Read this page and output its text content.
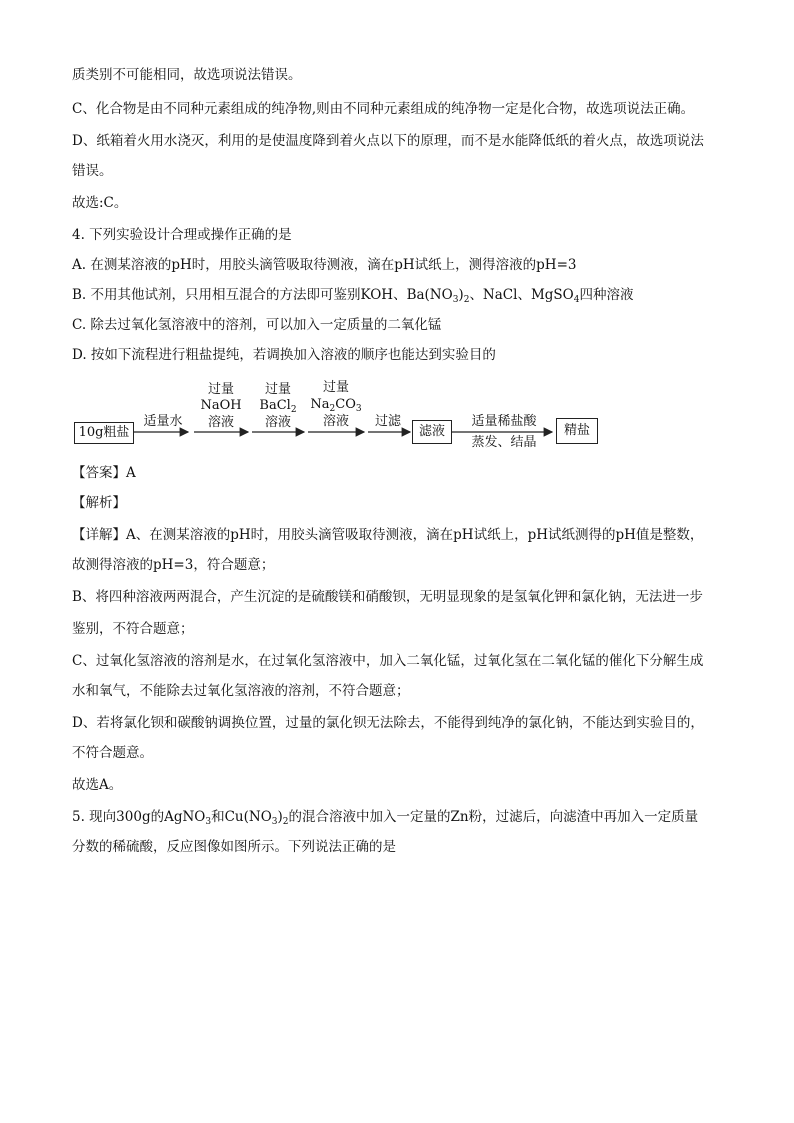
质类别不可能相同，故选项说法错误。
C、化合物是由不同种元素组成的纯净物,则由不同种元素组成的纯净物一定是化合物，故选项说法正确。
D、纸箱着火用水浇灭，利用的是使温度降到着火点以下的原理，而不是水能降低纸的着火点，故选项说法
错误。
故选:C。
4. 下列实验设计合理或操作正确的是
A. 在测某溶液的pH时，用胶头滴管吸取待测液，滴在pH试纸上，测得溶液的pH=3
B. 不用其他试剂，只用相互混合的方法即可鉴别KOH、$Ba(NO_3)_2$、NaCl、MgSO$_4$四种溶液
C. 除去过氧化氢溶液中的溶剂，可以加入一定质量的二氧化锰
D. 按如下流程进行粗盐提纯，若调换加入溶液的顺序也能达到实验目的
10g粗盐
适量水
过量
NaOH
溶液
过量
BaCl$_2$
溶液
过量
$Na_2CO_3$
溶液	过滤
滤液
适量稀盐酸
蒸发、结晶
精盐
【答案】A
【解析】
【详解】A、在测某溶液的pH时，用胶头滴管吸取待测液，滴在pH试纸上，pH试纸测得的pH值是整数，
故测得溶液的pH=3，符合题意；
B、将四种溶液两两混合，产生沉淀的是硫酸镁和硝酸钡，无明显现象的是氢氧化钾和氯化钠，无法进一步
鉴别，不符合题意；
C、过氧化氢溶液的溶剂是水，在过氧化氢溶液中，加入二氧化锰，过氧化氢在二氧化锰的催化下分解生成
水和氧气，不能除去过氧化氢溶液的溶剂，不符合题意；
D、若将氯化钡和碳酸钠调换位置，过量的氯化钡无法除去，不能得到纯净的氯化钠，不能达到实验目的，
不符合题意。
故选A。
5. 现向300g的AgNO$_3$和$Cu(NO_3)_2$的混合溶液中加入一定量的Zn粉，过滤后，向滤渣中再加入一定质量
分数的稀硫酸，反应图像如图所示。下列说法正确的是
